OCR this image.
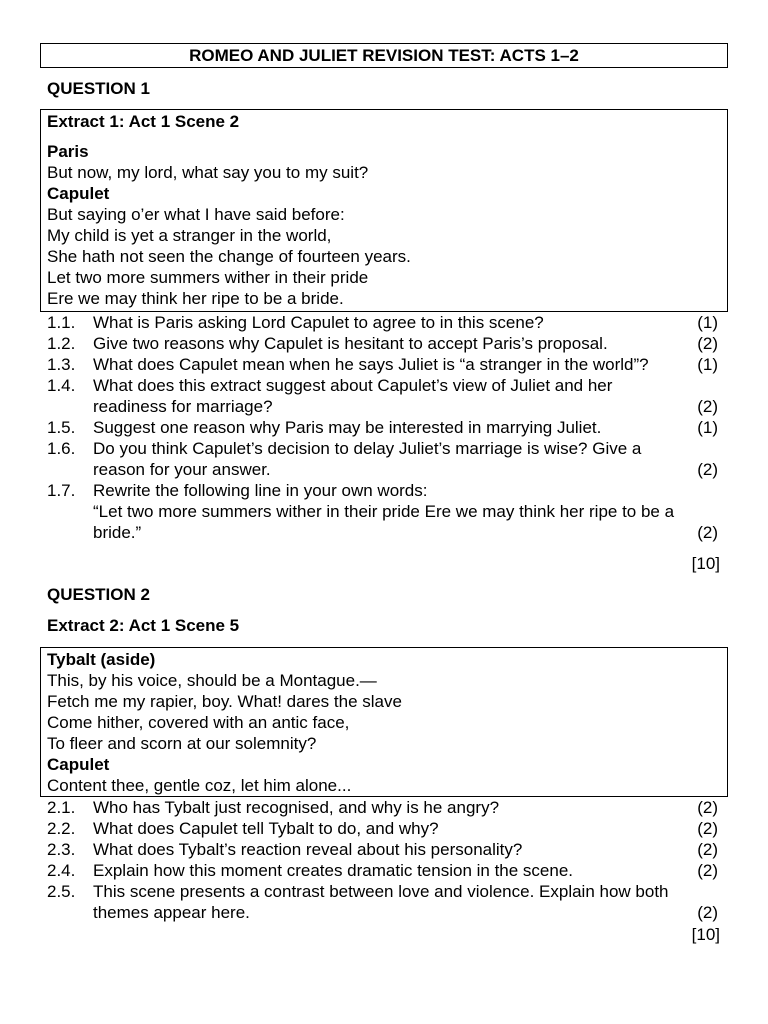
ROMEO AND JULIET REVISION TEST: ACTS 1–2
QUESTION 1
Extract 1: Act 1 Scene 2
Paris
But now, my lord, what say you to my suit?
Capulet
But saying o’er what I have said before:
My child is yet a stranger in the world,
She hath not seen the change of fourteen years.
Let two more summers wither in their pride
Ere we may think her ripe to be a bride.
1.1. What is Paris asking Lord Capulet to agree to in this scene?	(1)
1.2. Give two reasons why Capulet is hesitant to accept Paris’s proposal.	(2)
1.3. What does Capulet mean when he says Juliet is “a stranger in the world”?	(1)
1.4. What does this extract suggest about Capulet’s view of Juliet and her
readiness for marriage?	(2)
1.5. Suggest one reason why Paris may be interested in marrying Juliet.	(1)
1.6. Do you think Capulet’s decision to delay Juliet’s marriage is wise? Give a
reason for your answer.	(2)
1.7. Rewrite the following line in your own words:
“Let two more summers wither in their pride Ere we may think her ripe to be a
bride.”	(2)
[10]
QUESTION 2
Extract 2: Act 1 Scene 5
Tybalt (aside)
This, by his voice, should be a Montague.—
Fetch me my rapier, boy. What! dares the slave
Come hither, covered with an antic face,
To fleer and scorn at our solemnity?
Capulet
Content thee, gentle coz, let him alone...
2.1. Who has Tybalt just recognised, and why is he angry?	(2)
2.2. What does Capulet tell Tybalt to do, and why?	(2)
2.3. What does Tybalt’s reaction reveal about his personality?	(2)
2.4. Explain how this moment creates dramatic tension in the scene.	(2)
2.5. This scene presents a contrast between love and violence. Explain how both
themes appear here.	(2)
[10]
